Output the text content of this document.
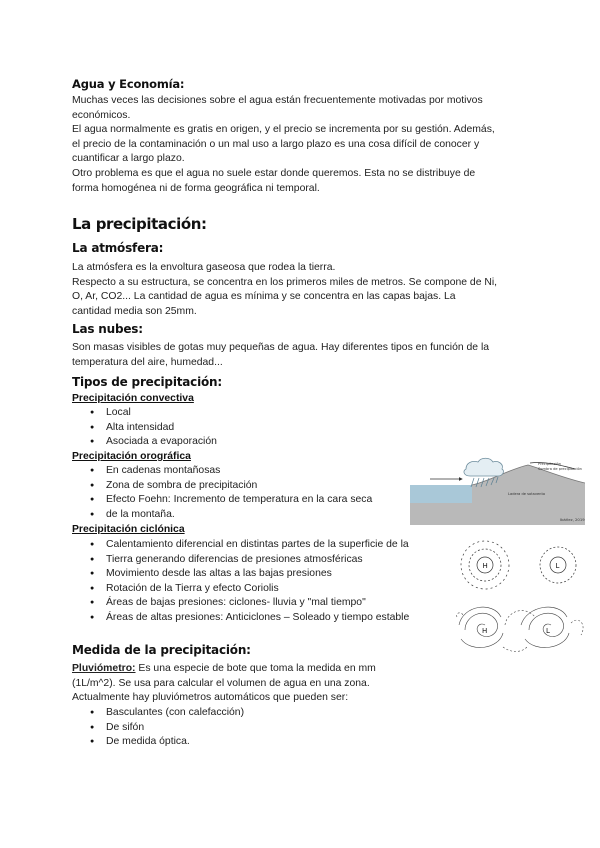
Agua y Economía:
Muchas veces las decisiones sobre el agua están frecuentemente motivadas por motivos
económicos.
El agua normalmente es gratis en origen, y el precio se incrementa por su gestión. Además,
el precio de la contaminación o un mal uso a largo plazo es una cosa difícil de conocer y
cuantificar a largo plazo.
Otro problema es que el agua no suele estar donde queremos. Esta no se distribuye de
forma homogénea ni de forma geográfica ni temporal.
La precipitación:
La atmósfera:
La atmósfera es la envoltura gaseosa que rodea la tierra.
Respecto a su estructura, se concentra en los primeros miles de metros. Se compone de Ni,
O, Ar, CO2... La cantidad de agua es mínima y se concentra en las capas bajas. La
cantidad media son 25mm.
Las nubes:
Son masas visibles de gotas muy pequeñas de agua. Hay diferentes tipos en función de la
temperatura del aire, humedad...
Tipos de precipitación:
Precipitación convectiva
● Local
● Alta intensidad
● Asociada a evaporación
Precipitación orográfica
● En cadenas montañosas
● Zona de sombra de precipitación
● Efecto Foehn: Incremento de temperatura en la cara seca
● de la montaña.
Precipitación ciclónica
● Calentamiento diferencial en distintas partes de la superficie de la
● Tierra generando diferencias de presiones atmosféricas
● Movimiento desde las altas a las bajas presiones
● Rotación de la Tierra y efecto Coriolis
● Áreas de bajas presiones: ciclones- lluvia y "mal tiempo"
● Áreas de altas presiones: Anticiclones – Soleado y tiempo estable
Medida de la precipitación:
Pluviómetro: Es una especie de bote que toma la medida en mm
(1L/m^2). Se usa para calcular el volumen de agua en una zona.
Actualmente hay pluviómetros automáticos que pueden ser:
● Basculantes (con calefacción)
● De sifón
● De medida óptica.
Precipitación
Sombra de precipitación
Ladera de sotavento
Ibáñez, 2019
H	L
H	L
